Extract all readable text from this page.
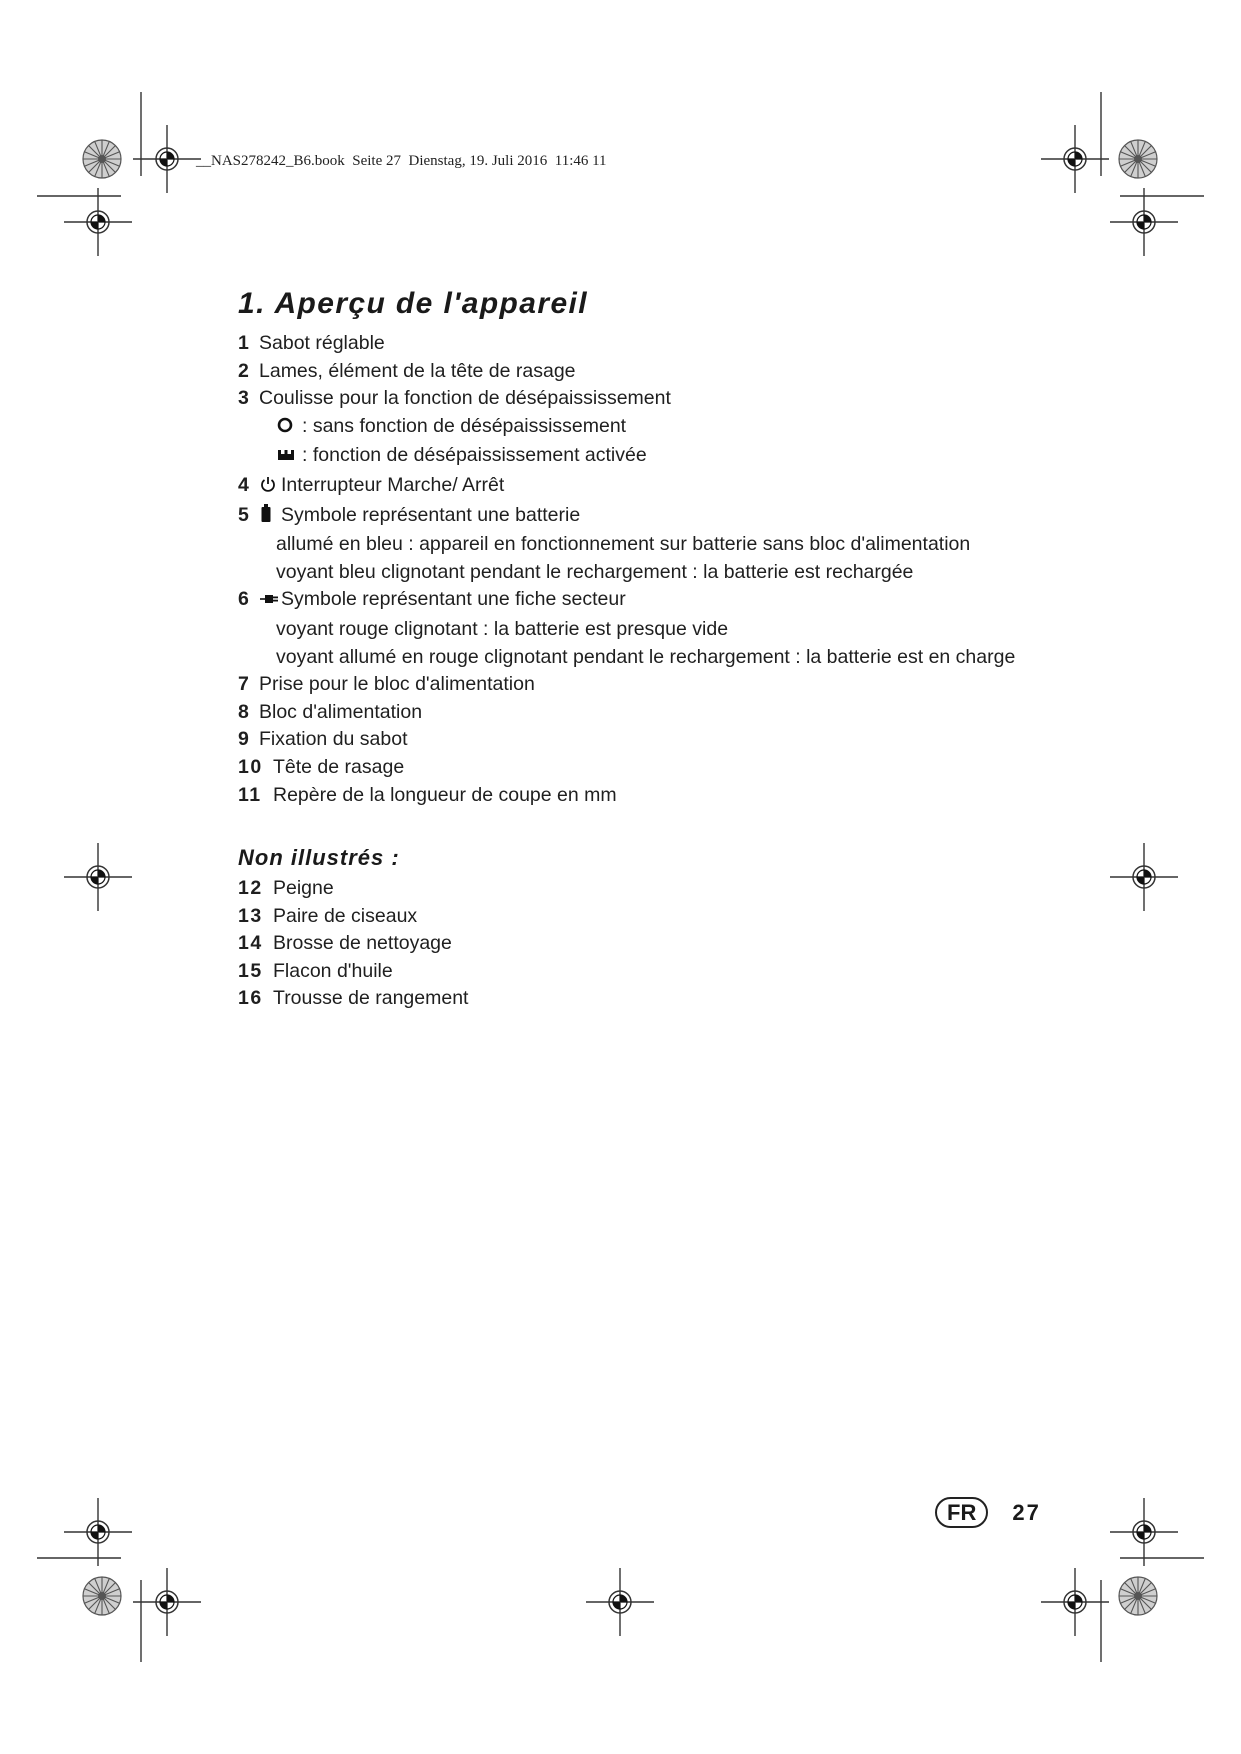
__NAS278242_B6.book  Seite 27  Dienstag, 19. Juli 2016  11:46 11
1. Aperçu de l'appareil
1 Sabot réglable
2 Lames, élément de la tête de rasage
3 Coulisse pour la fonction de désépaississement
: sans fonction de désépaississement
: fonction de désépaississement activée
4 Interrupteur Marche/ Arrêt
5 Symbole représentant une batterie
allumé en bleu : appareil en fonctionnement sur batterie sans bloc d'alimentation
voyant bleu clignotant pendant le rechargement : la batterie est rechargée
6 Symbole représentant une fiche secteur
voyant rouge clignotant : la batterie est presque vide
voyant allumé en rouge clignotant pendant le rechargement : la batterie est en charge
7 Prise pour le bloc d'alimentation
8 Bloc d'alimentation
9 Fixation du sabot
10 Tête de rasage
11 Repère de la longueur de coupe en mm
Non illustrés :
12 Peigne
13 Paire de ciseaux
14 Brosse de nettoyage
15 Flacon d'huile
16 Trousse de rangement
FR	27
